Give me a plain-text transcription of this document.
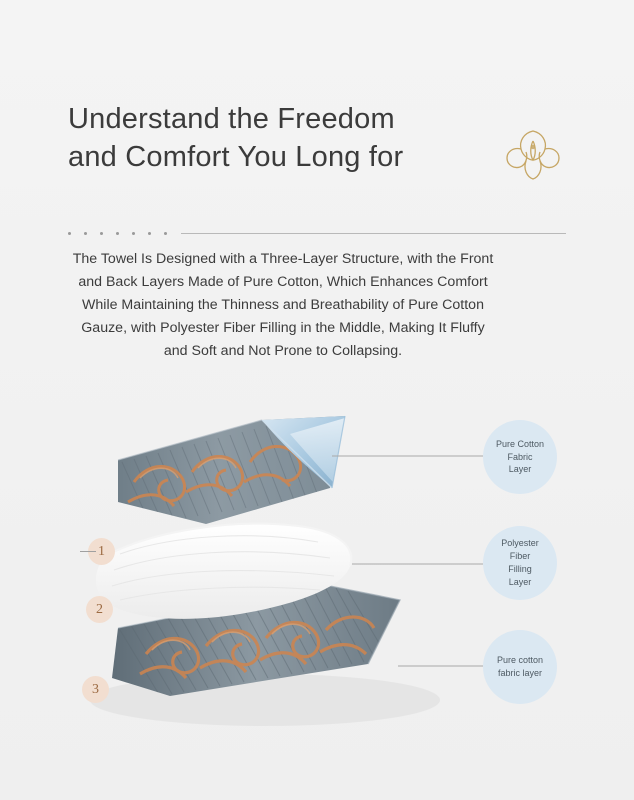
Understand the Freedom
and Comfort You Long for

The Towel Is Designed with a Three-Layer Structure, with the Front and Back Layers Made of Pure Cotton, Which Enhances Comfort While Maintaining the Thinness and Breathability of Pure Cotton Gauze, with Polyester Fiber Filling in the Middle, Making It Fluffy and Soft and Not Prone to Collapsing.

1
2
3
Pure Cotton
Fabric
Layer
Polyester
Fiber
Filling
Layer
Pure cotton
fabric layer
